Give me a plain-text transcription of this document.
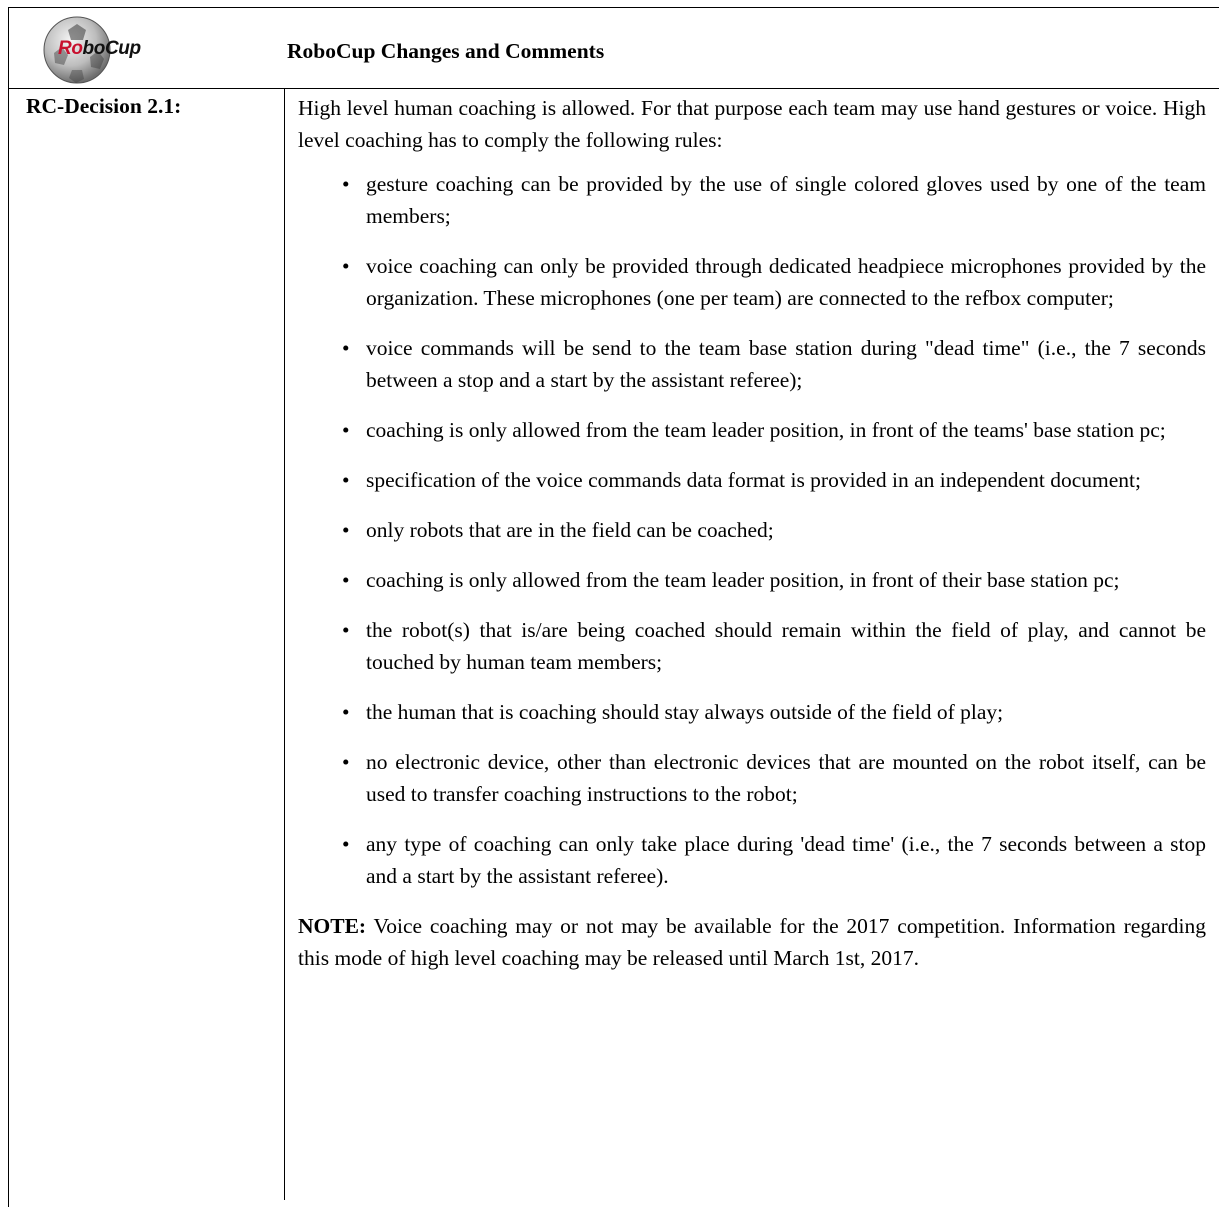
RoboCup	RoboCup Changes and Comments
RC-Decision 2.1:	High level human coaching is allowed. For that purpose each team may use hand gestures or voice. High level coaching has to comply the following rules:

• gesture coaching can be provided by the use of single colored gloves used by one of the team members;
• voice coaching can only be provided through dedicated headpiece microphones provided by the organization. These microphones (one per team) are connected to the refbox computer;
• voice commands will be send to the team base station during "dead time" (i.e., the 7 seconds between a stop and a start by the assistant referee);
• coaching is only allowed from the team leader position, in front of the teams' base station pc;
• specification of the voice commands data format is provided in an independent document;
• only robots that are in the field can be coached;
• coaching is only allowed from the team leader position, in front of their base station pc;
• the robot(s) that is/are being coached should remain within the field of play, and cannot be touched by human team members;
• the human that is coaching should stay always outside of the field of play;
• no electronic device, other than electronic devices that are mounted on the robot itself, can be used to transfer coaching instructions to the robot;
• any type of coaching can only take place during 'dead time' (i.e., the 7 seconds between a stop and a start by the assistant referee).

NOTE: Voice coaching may or not may be available for the 2017 competition. Information regarding this mode of high level coaching may be released until March 1st, 2017.
